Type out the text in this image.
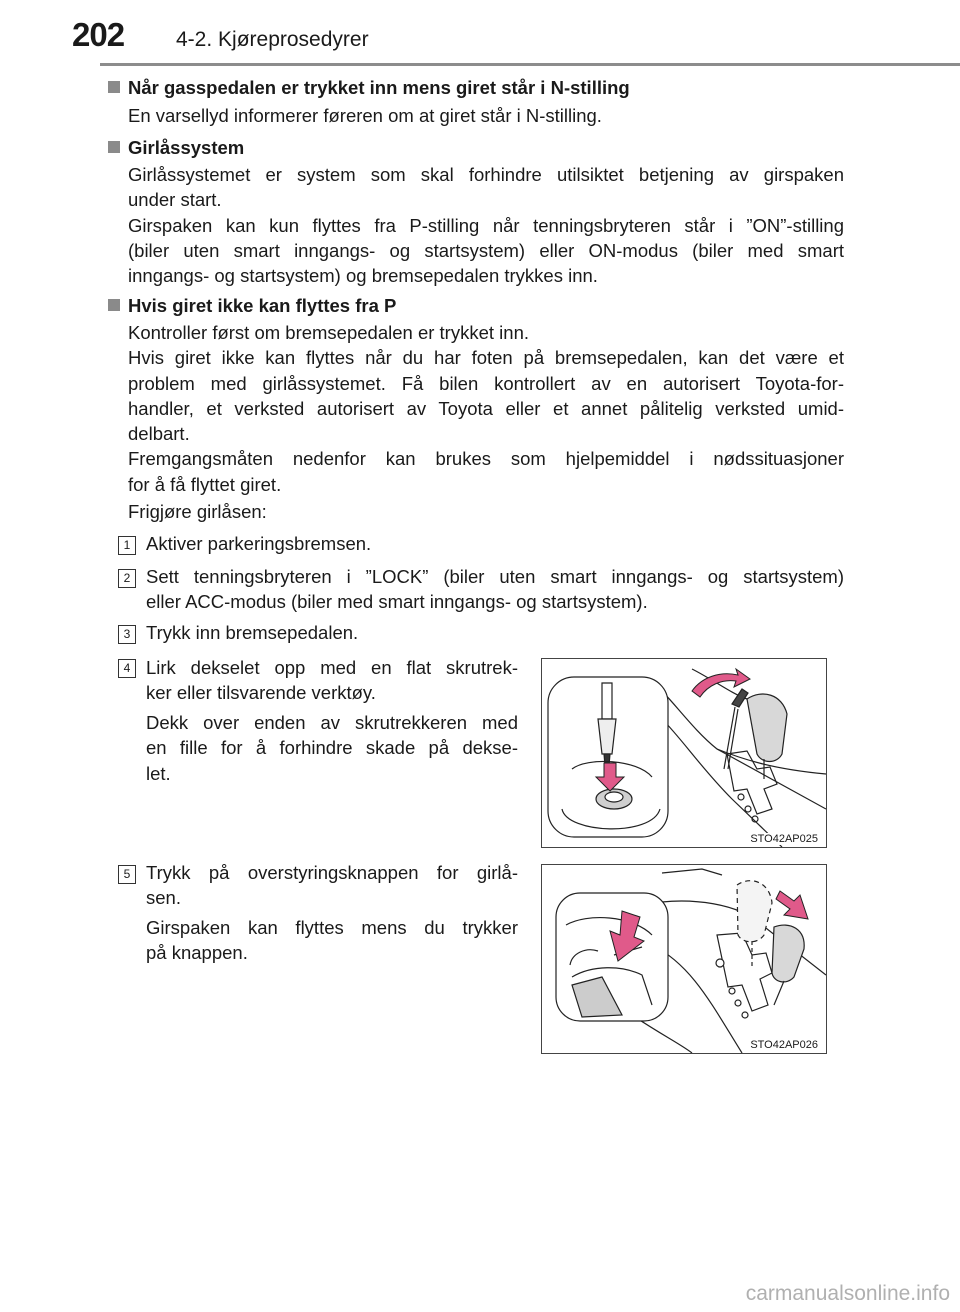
202 4-2. Kjøreprosedyrer
Når gasspedalen er trykket inn mens giret står i N-stilling

En varsellyd informerer føreren om at giret står i N-stilling.

Girlåssystem

Girlåssystemet er system som skal forhindre utilsiktet betjening av girspaken
under start.
Girspaken kan kun flyttes fra P-stilling når tenningsbryteren står i ”ON”-stilling
(biler uten smart inngangs- og startsystem) eller ON-modus (biler med smart
inngangs- og startsystem) og bremsepedalen trykkes inn.

Hvis giret ikke kan flyttes fra P

Kontroller først om bremsepedalen er trykket inn.
Hvis giret ikke kan flyttes når du har foten på bremsepedalen, kan det være et
problem med girlåssystemet. Få bilen kontrollert av en autorisert Toyota-for-
handler, et verksted autorisert av Toyota eller et annet pålitelig verksted umid-
delbart.
Fremgangsmåten nedenfor kan brukes som hjelpemiddel i nødssituasjoner
for å få flyttet giret.

Frigjøre girlåsen:

1 Aktiver parkeringsbremsen.

2 Sett tenningsbryteren i ”LOCK” (biler uten smart inngangs- og startsystem)
eller ACC-modus (biler med smart inngangs- og startsystem).

3 Trykk inn bremsepedalen.

4 Lirk dekselet opp med en flat skrutrek-
ker eller tilsvarende verktøy.

Dekk over enden av skrutrekkeren med
en fille for å forhindre skade på dekse-
let.

5 Trykk på overstyringsknappen for girlå-
sen.

Girspaken kan flyttes mens du trykker
på knappen.

STO42AP025
STO42AP026
carmanualsonline.info
